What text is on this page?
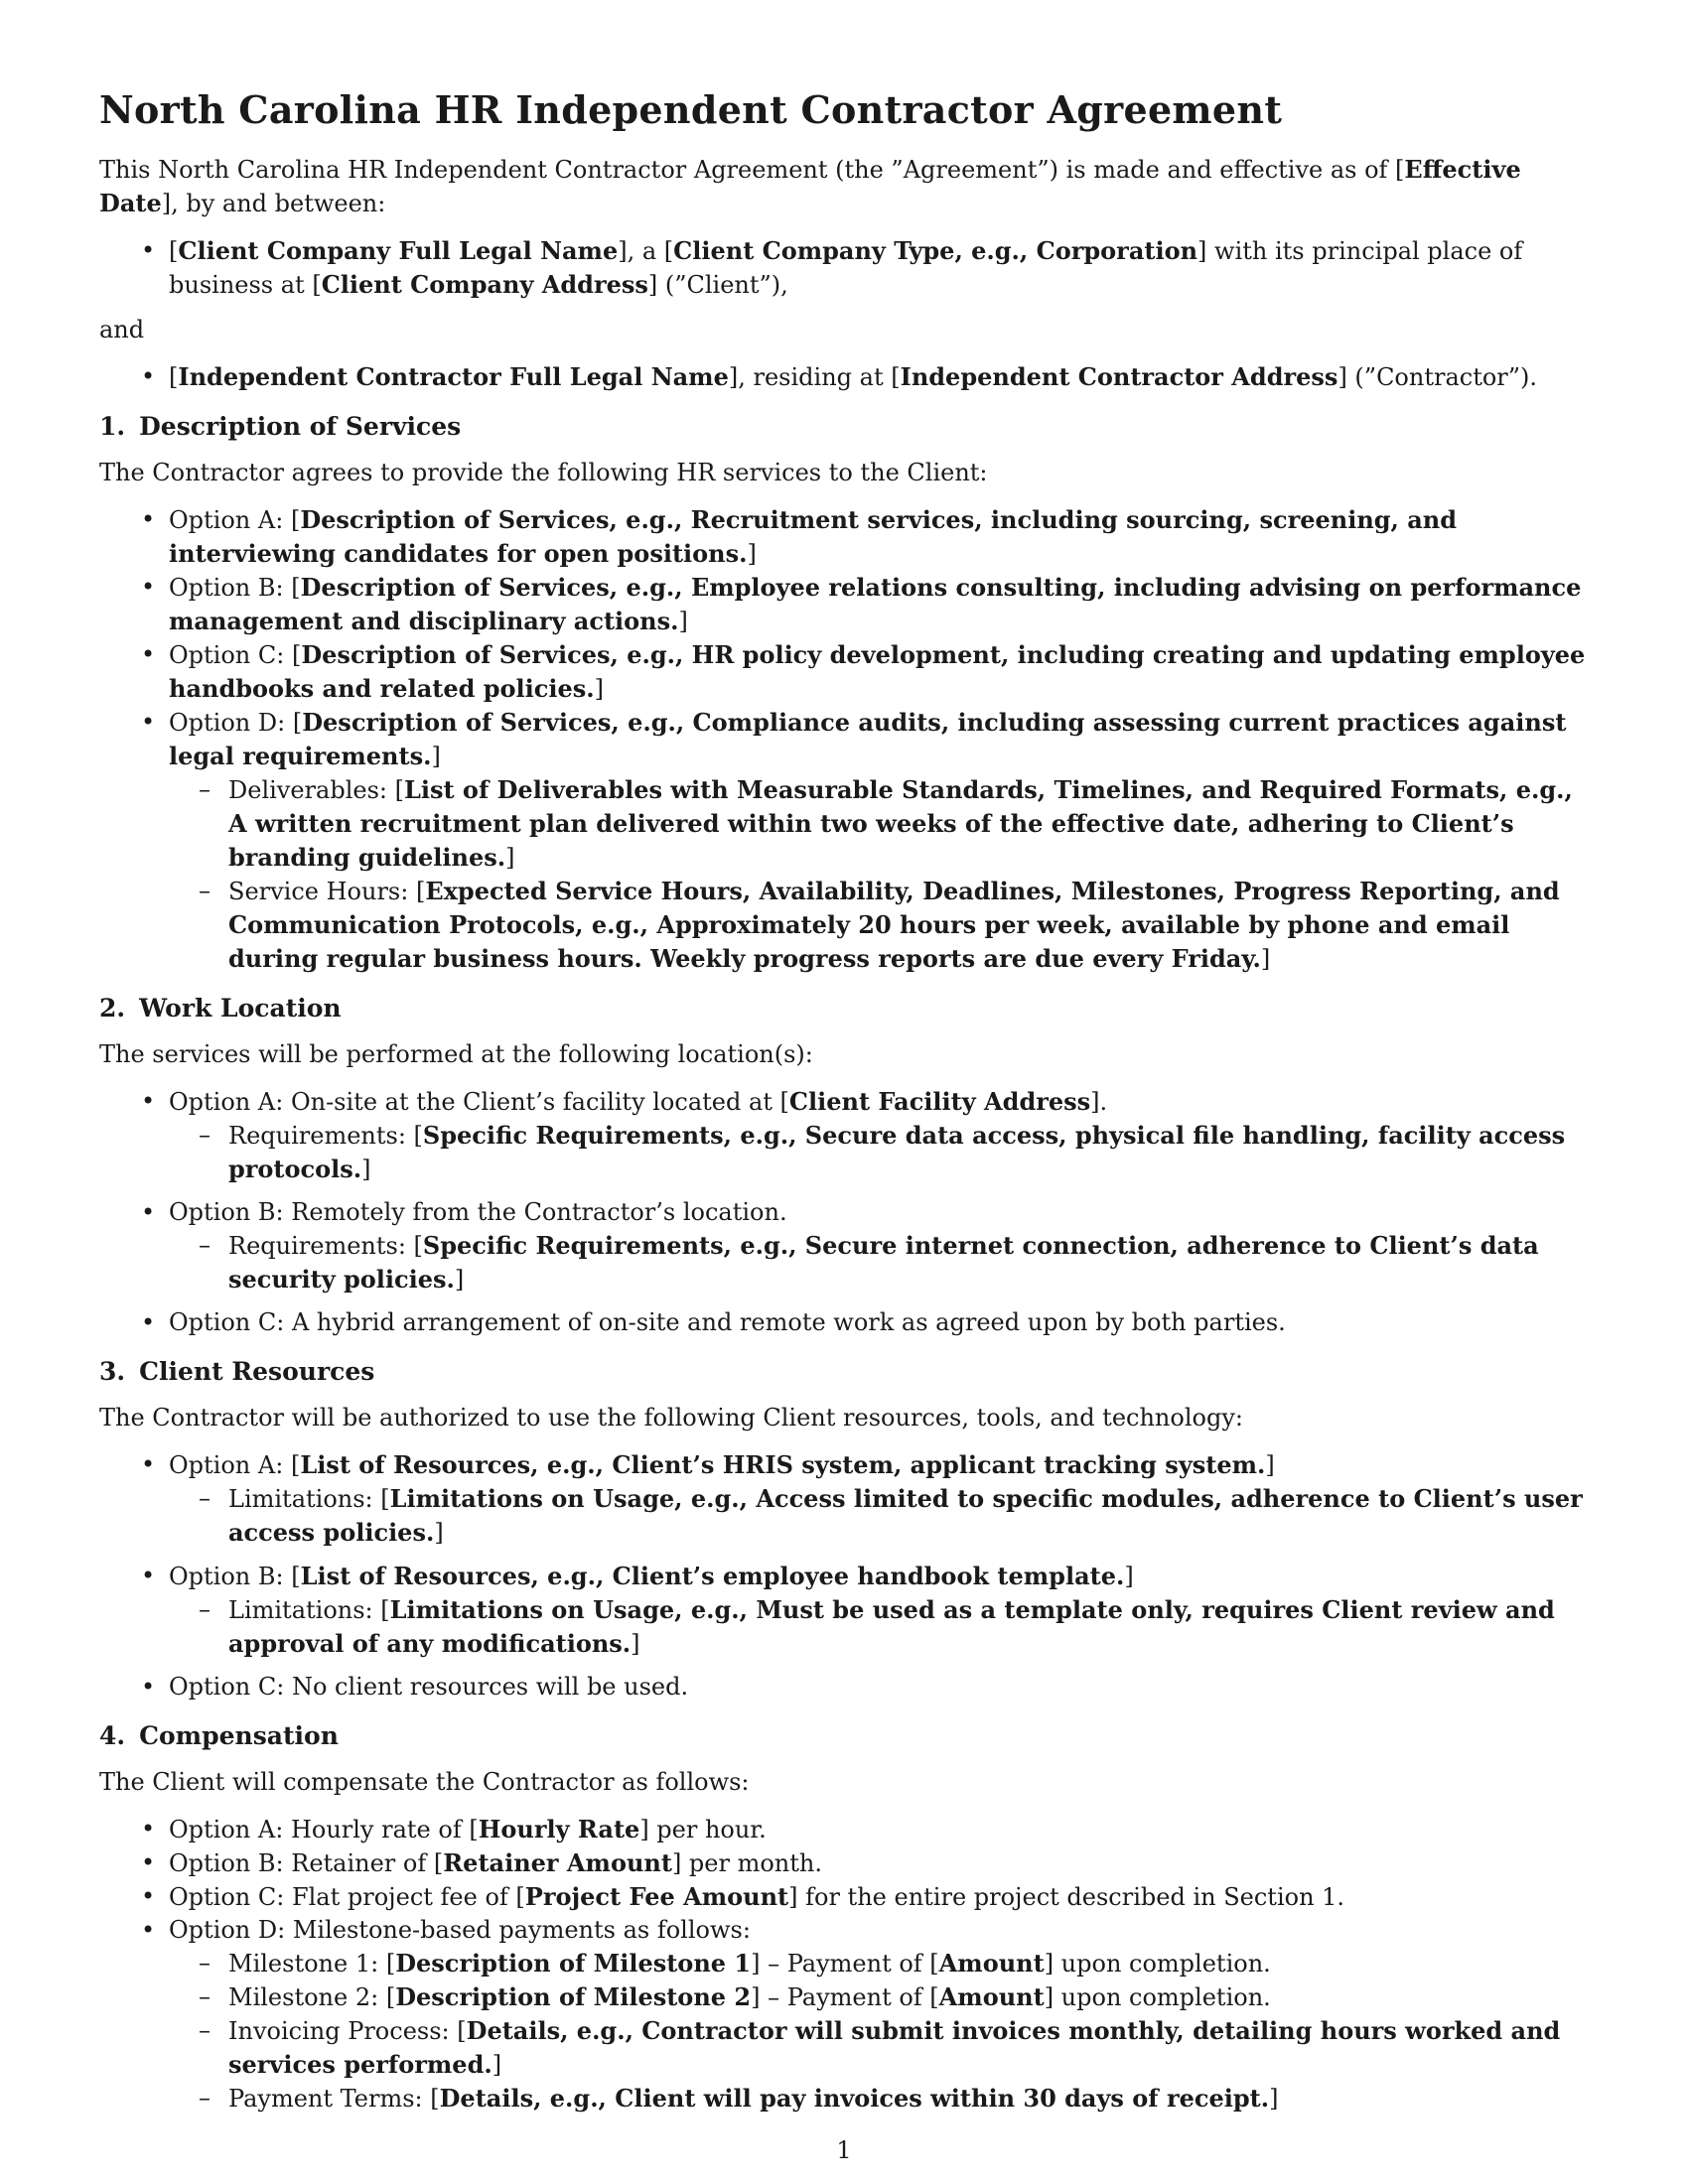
North Carolina HR Independent Contractor Agreement

This North Carolina HR Independent Contractor Agreement (the ”Agreement”) is made and effective as of [Effective Date], by and between:

• [Client Company Full Legal Name], a [Client Company Type, e.g., Corporation] with its principal place of business at [Client Company Address] (”Client”),
and
• [Independent Contractor Full Legal Name], residing at [Independent Contractor Address] (”Contractor”).
1. Description of Services

The Contractor agrees to provide the following HR services to the Client:

• Option A: [Description of Services, e.g., Recruitment services, including sourcing, screening, and interviewing candidates for open positions.]
• Option B: [Description of Services, e.g., Employee relations consulting, including advising on performance management and disciplinary actions.]
• Option C: [Description of Services, e.g., HR policy development, including creating and updating employee handbooks and related policies.]
• Option D: [Description of Services, e.g., Compliance audits, including assessing current practices against legal requirements.]
– Deliverables: [List of Deliverables with Measurable Standards, Timelines, and Required Formats, e.g., A written recruitment plan delivered within two weeks of the effective date, adhering to Client’s branding guidelines.]
– Service Hours: [Expected Service Hours, Availability, Deadlines, Milestones, Progress Reporting, and Communication Protocols, e.g., Approximately 20 hours per week, available by phone and email during regular business hours. Weekly progress reports are due every Friday.]
2. Work Location

The services will be performed at the following location(s):

• Option A: On-site at the Client’s facility located at [Client Facility Address].
– Requirements: [Specific Requirements, e.g., Secure data access, physical file handling, facility access protocols.]
• Option B: Remotely from the Contractor’s location.
– Requirements: [Specific Requirements, e.g., Secure internet connection, adherence to Client’s data security policies.]
• Option C: A hybrid arrangement of on-site and remote work as agreed upon by both parties.
3. Client Resources

The Contractor will be authorized to use the following Client resources, tools, and technology:

• Option A: [List of Resources, e.g., Client’s HRIS system, applicant tracking system.]
– Limitations: [Limitations on Usage, e.g., Access limited to specific modules, adherence to Client’s user access policies.]
• Option B: [List of Resources, e.g., Client’s employee handbook template.]
– Limitations: [Limitations on Usage, e.g., Must be used as a template only, requires Client review and approval of any modifications.]
• Option C: No client resources will be used.
4. Compensation

The Client will compensate the Contractor as follows:

• Option A: Hourly rate of [Hourly Rate] per hour.
• Option B: Retainer of [Retainer Amount] per month.
• Option C: Flat project fee of [Project Fee Amount] for the entire project described in Section 1.
• Option D: Milestone-based payments as follows:
– Milestone 1: [Description of Milestone 1] – Payment of [Amount] upon completion.
– Milestone 2: [Description of Milestone 2] – Payment of [Amount] upon completion.
– Invoicing Process: [Details, e.g., Contractor will submit invoices monthly, detailing hours worked and services performed.]
– Payment Terms: [Details, e.g., Client will pay invoices within 30 days of receipt.]
1
